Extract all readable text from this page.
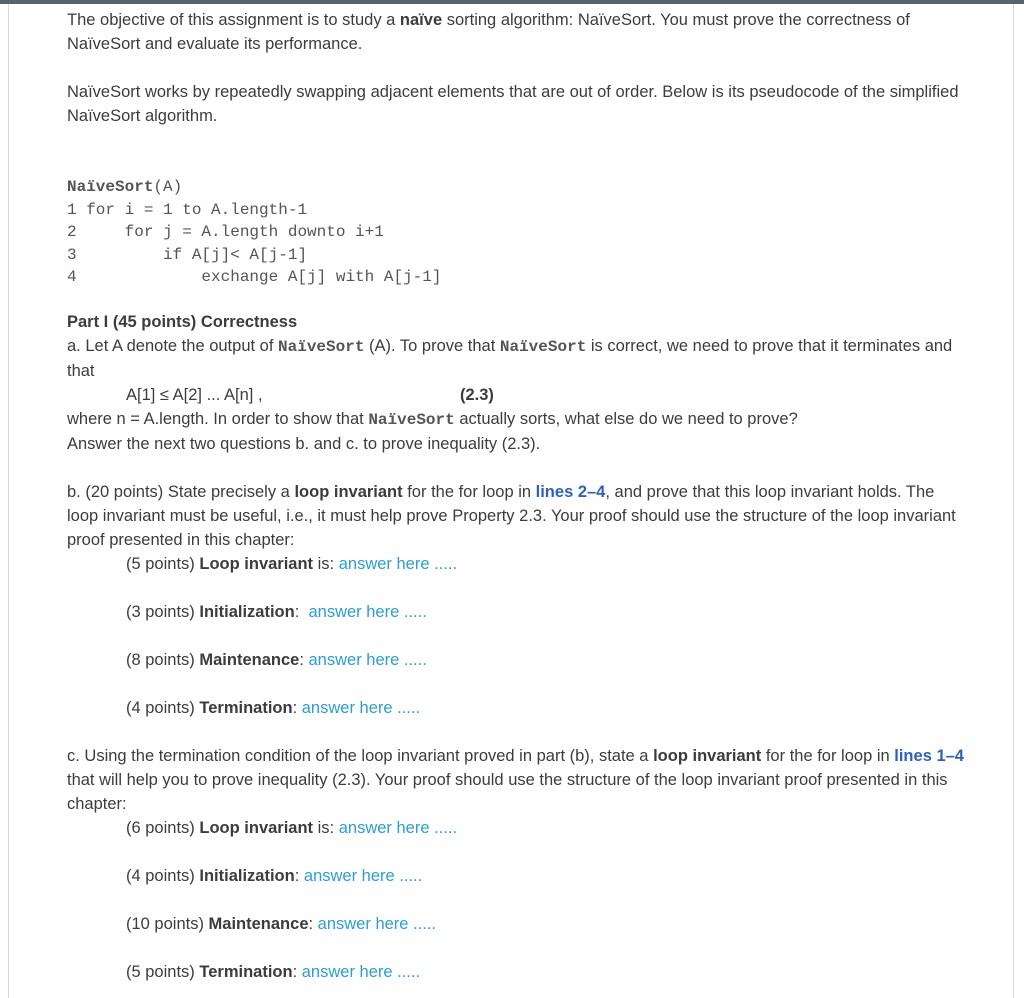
The objective of this assignment is to study a naïve sorting algorithm: NaïveSort. You must prove the correctness of NaïveSort and evaluate its performance.

NaïveSort works by repeatedly swapping adjacent elements that are out of order. Below is its pseudocode of the simplified NaïveSort algorithm.

NaïveSort(A)
1 for i = 1 to A.length-1
2     for j = A.length downto i+1
3         if A[j]< A[j-1]
4             exchange A[j] with A[j-1]

Part I (45 points) Correctness

a. Let A denote the output of NaïveSort (A). To prove that NaïveSort is correct, we need to prove that it terminates and that

A[1] ≤ A[2] ... A[n] ,	(2.3)

where n = A.length. In order to show that NaïveSort actually sorts, what else do we need to prove?

Answer the next two questions b. and c. to prove inequality (2.3).

b. (20 points) State precisely a loop invariant for the for loop in lines 2–4, and prove that this loop invariant holds. The loop invariant must be useful, i.e., it must help prove Property 2.3. Your proof should use the structure of the loop invariant proof presented in this chapter:

(5 points) Loop invariant is: answer here .....
(3 points) Initialization:  answer here .....
(8 points) Maintenance: answer here .....
(4 points) Termination: answer here .....

c. Using the termination condition of the loop invariant proved in part (b), state a loop invariant for the for loop in lines 1–4 that will help you to prove inequality (2.3). Your proof should use the structure of the loop invariant proof presented in this chapter:

(6 points) Loop invariant is: answer here .....
(4 points) Initialization: answer here .....
(10 points) Maintenance: answer here .....
(5 points) Termination: answer here .....
